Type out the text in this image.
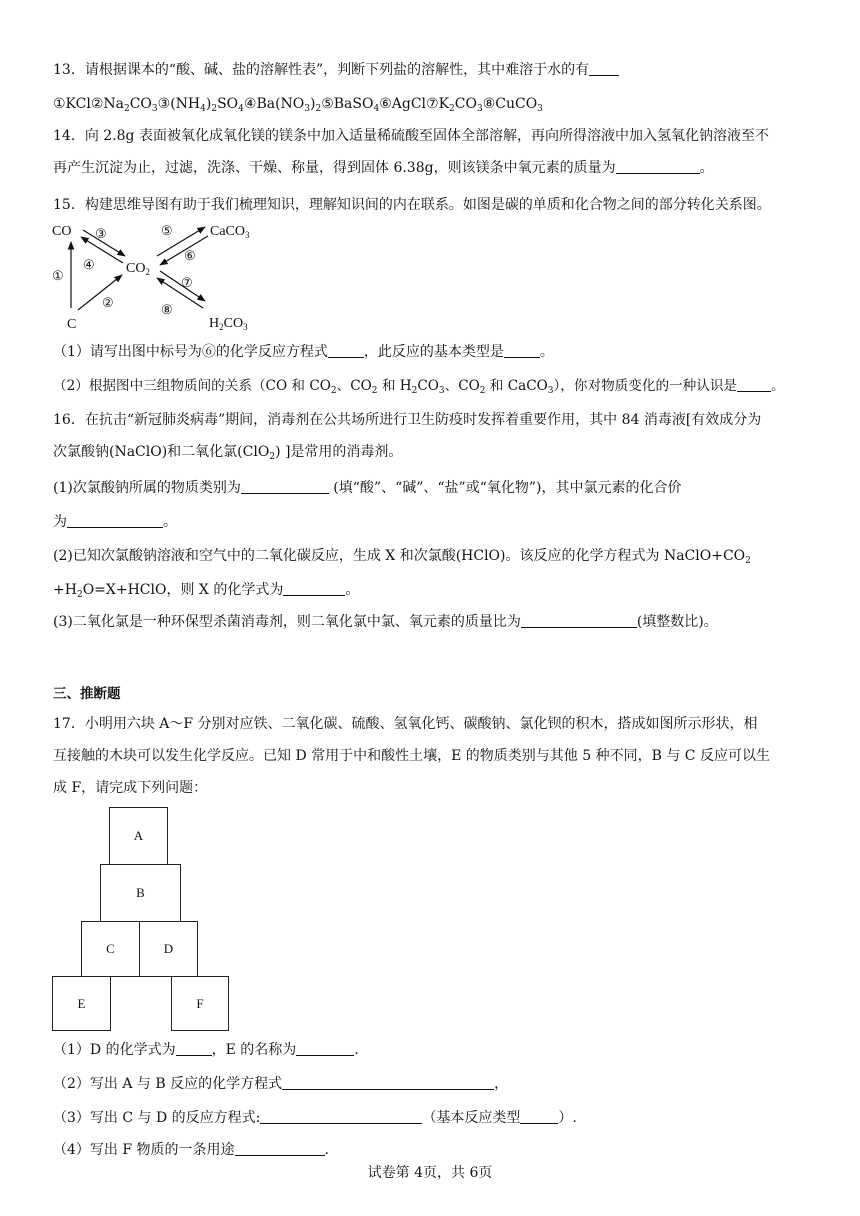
13．请根据课本的“酸、碱、盐的溶解性表”，判断下列盐的溶解性，其中难溶于水的有
$①KCl②Na_2CO_3③(NH_4)_2SO_4④Ba(NO_3)_2⑤BaSO_4⑥AgCl⑦K_2CO_3⑧CuCO_3$
14．向 2.8g 表面被氧化成氧化镁的镁条中加入适量稀硫酸至固体全部溶解，再向所得溶液中加入氢氧化钠溶液至不
再产生沉淀为止，过滤，洗涤、干燥、称量，得到固体 6.38g，则该镁条中氧元素的质量为	。
15．构建思维导图有助于我们梳理知识，理解知识间的内在联系。如图是碳的单质和化合物之间的部分转化关系图。
CO
$CO_2$
CaCO$_3$
C	$H_2CO_3$
③
④
①
②
⑤
⑥
⑦
⑧
（1）请写出图中标号为⑥的化学反应方程式	，此反应的基本类型是	。
（2）根据图中三组物质间的关系（CO 和 $CO_2$、$CO_2$ 和 $H_2CO_3$、$CO_2$ 和 CaCO$_3$），你对物质变化的一种认识是	。
16．在抗击“新冠肺炎病毒”期间，消毒剂在公共场所进行卫生防疫时发挥着重要作用，其中 84 消毒液[有效成分为
次氯酸钠(NaClO)和二氧化氯(ClO$_2$) ]是常用的消毒剂。
(1)次氯酸钠所属的物质类别为	(填“酸”、“碱”、“盐”或“氧化物”)，其中氯元素的化合价
为	。
(2)已知次氯酸钠溶液和空气中的二氧化碳反应，生成 X 和次氯酸(HClO)。该反应的化学方程式为 $NaClO+CO_2$
$+H_2O=X+HClO$，则 X 的化学式为	。
(3)二氧化氯是一种环保型杀菌消毒剂，则二氧化氯中氯、氧元素的质量比为	(填整数比)。
三、推断题
17．小明用六块 A～F 分别对应铁、二氧化碳、硫酸、氢氧化钙、碳酸钠、氯化钡的积木，搭成如图所示形状，相
互接触的木块可以发生化学反应。已知 D 常用于中和酸性土壤，E 的物质类别与其他 5 种不同，B 与 C 反应可以生
成 F，请完成下列问题：
A
B
C	D
E	F
（1）D 的化学式为	，E 的名称为	.
（2）写出 A 与 B 反应的化学方程式	，
（3）写出 C 与 D 的反应方程式:	（基本反应类型	）.
（4）写出 F 物质的一条用途	.
试卷第 4页，共 6页
